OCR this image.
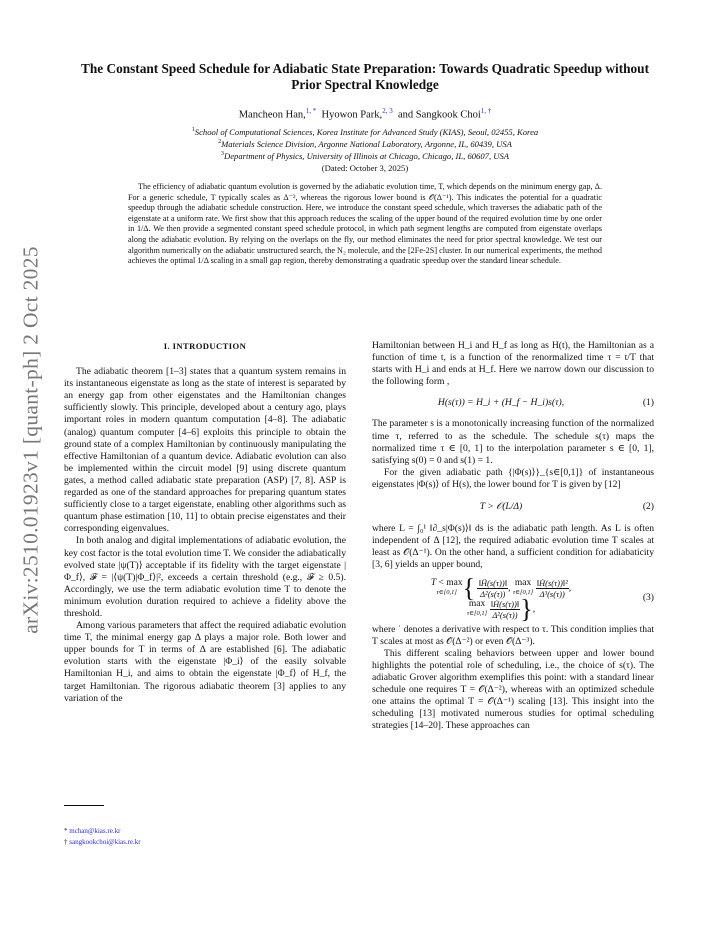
arXiv:2510.01923v1 [quant-ph] 2 Oct 2025
The Constant Speed Schedule for Adiabatic State Preparation: Towards Quadratic Speedup without Prior Spectral Knowledge
Mancheon Han,$^{1, *}$ Hyowon Park,$^{2, 3}$ and Sangkook Choi$^{1, \dagger}$
$^1$School of Computational Sciences, Korea Institute for Advanced Study (KIAS), Seoul, 02455, Korea
$^2$Materials Science Division, Argonne National Laboratory, Argonne, IL, 60439, USA
$^3$Department of Physics, University of Illinois at Chicago, Chicago, IL, 60607, USA
(Dated: October 3, 2025)

The efficiency of adiabatic quantum evolution is governed by the adiabatic evolution time, T, which depends on the minimum energy gap, Δ. For a generic schedule, T typically scales as Δ⁻², whereas the rigorous lower bound is 𝒪(Δ⁻¹). This indicates the potential for a quadratic speedup through the adiabatic schedule construction. Here, we introduce the constant speed schedule, which traverses the adiabatic path of the eigenstate at a uniform rate. We first show that this approach reduces the scaling of the upper bound of the required evolution time by one order in 1/Δ. We then provide a segmented constant speed schedule protocol, in which path segment lengths are computed from eigenstate overlaps along the adiabatic evolution. By relying on the overlaps on the fly, our method eliminates the need for prior spectral knowledge. We test our algorithm numerically on the adiabatic unstructured search, the N₂ molecule, and the [2Fe-2S] cluster. In our numerical experiments, the method achieves the optimal 1/Δ scaling in a small gap region, thereby demonstrating a quadratic speedup over the standard linear schedule.

I. INTRODUCTION

The adiabatic theorem [1–3] states that a quantum system remains in its instantaneous eigenstate as long as the state of interest is separated by an energy gap from other eigenstates and the Hamiltonian changes sufficiently slowly. This principle, developed about a century ago, plays important roles in modern quantum computation [4–8]. The adiabatic (analog) quantum computer [4–6] exploits this principle to obtain the ground state of a complex Hamiltonian by continuously manipulating the effective Hamiltonian of a quantum device. Adiabatic evolution can also be implemented within the circuit model [9] using discrete quantum gates, a method called adiabatic state preparation (ASP) [7, 8]. ASP is regarded as one of the standard approaches for preparing quantum states sufficiently close to a target eigenstate, enabling other algorithms such as quantum phase estimation [10, 11] to obtain precise eigenstates and their corresponding eigenvalues.

In both analog and digital implementations of adiabatic evolution, the key cost factor is the total evolution time T. We consider the adiabatically evolved state |ψ(T)⟩ acceptable if its fidelity with the target eigenstate |Φ_f⟩, 𝓕 = |⟨ψ(T)|Φ_f⟩|², exceeds a certain threshold (e.g., 𝓕 ≥ 0.5). Accordingly, we use the term adiabatic evolution time T to denote the minimum evolution duration required to achieve a fidelity above the threshold.

Among various parameters that affect the required adiabatic evolution time T, the minimal energy gap Δ plays a major role. Both lower and upper bounds for T in terms of Δ are established [6]. The adiabatic evolution starts with the eigenstate |Φ_i⟩ of the easily solvable Hamiltonian H_i, and aims to obtain the eigenstate |Φ_f⟩ of H_f, the target Hamiltonian. The rigorous adiabatic theorem [3] applies to any variation of the

Hamiltonian between H_i and H_f as long as H(t), the Hamiltonian as a function of time t, is a function of the renormalized time τ = t/T that starts with H_i and ends at H_f. Here we narrow down our discussion to the following form ,

H(s(τ)) = H_i + (H_f − H_i)s(τ),	(1)

The parameter s is a monotonically increasing function of the normalized time τ, referred to as the schedule. The schedule s(τ) maps the normalized time τ ∈ [0, 1] to the interpolation parameter s ∈ [0, 1], satisfying s(0) = 0 and s(1) = 1.

For the given adiabatic path {|Φ(s)⟩}_{s∈[0,1]} of instantaneous eigenstates |Φ(s)⟩ of H(s), the lower bound for T is given by [12]

T > 𝒪(L/Δ)	(2)

where L = ∫₀¹ ‖∂_s|Φ(s)⟩‖ ds is the adiabatic path length. As L is often independent of Δ [12], the required adiabatic evolution time T scales at least as 𝒪(Δ⁻¹). On the other hand, a sufficient condition for adiabaticity [3, 6] yields an upper bound,

T < max
τ∈[0,1] { $\frac{\text{‖Ḧ(s(τ))‖}}{\text{Δ²(s(τ))}}$ , max
τ∈[0,1]
$\frac{\text{‖Ḣ(s(τ))‖²}}{\text{Δ³(s(τ))}}$ ,
max
τ∈[0,1]
$\frac{\text{‖Ḣ(s(τ))‖}}{\text{Δ²(s(τ))}}$ },
(3)

where ˙ denotes a derivative with respect to τ. This condition implies that T scales at most as 𝒪(Δ⁻²) or even 𝒪(Δ⁻³).

This different scaling behaviors between upper and lower bound highlights the potential role of scheduling, i.e., the choice of s(τ). The adiabatic Grover algorithm exemplifies this point: with a standard linear schedule one requires T = 𝒪(Δ⁻²), whereas with an optimized schedule one attains the optimal T = 𝒪(Δ⁻¹) scaling [13]. This insight into the scheduling [13] motivated numerous studies for optimal scheduling strategies [14–20]. These approaches can

* mchan@kias.re.kr
† sangkookchoi@kias.re.kr
